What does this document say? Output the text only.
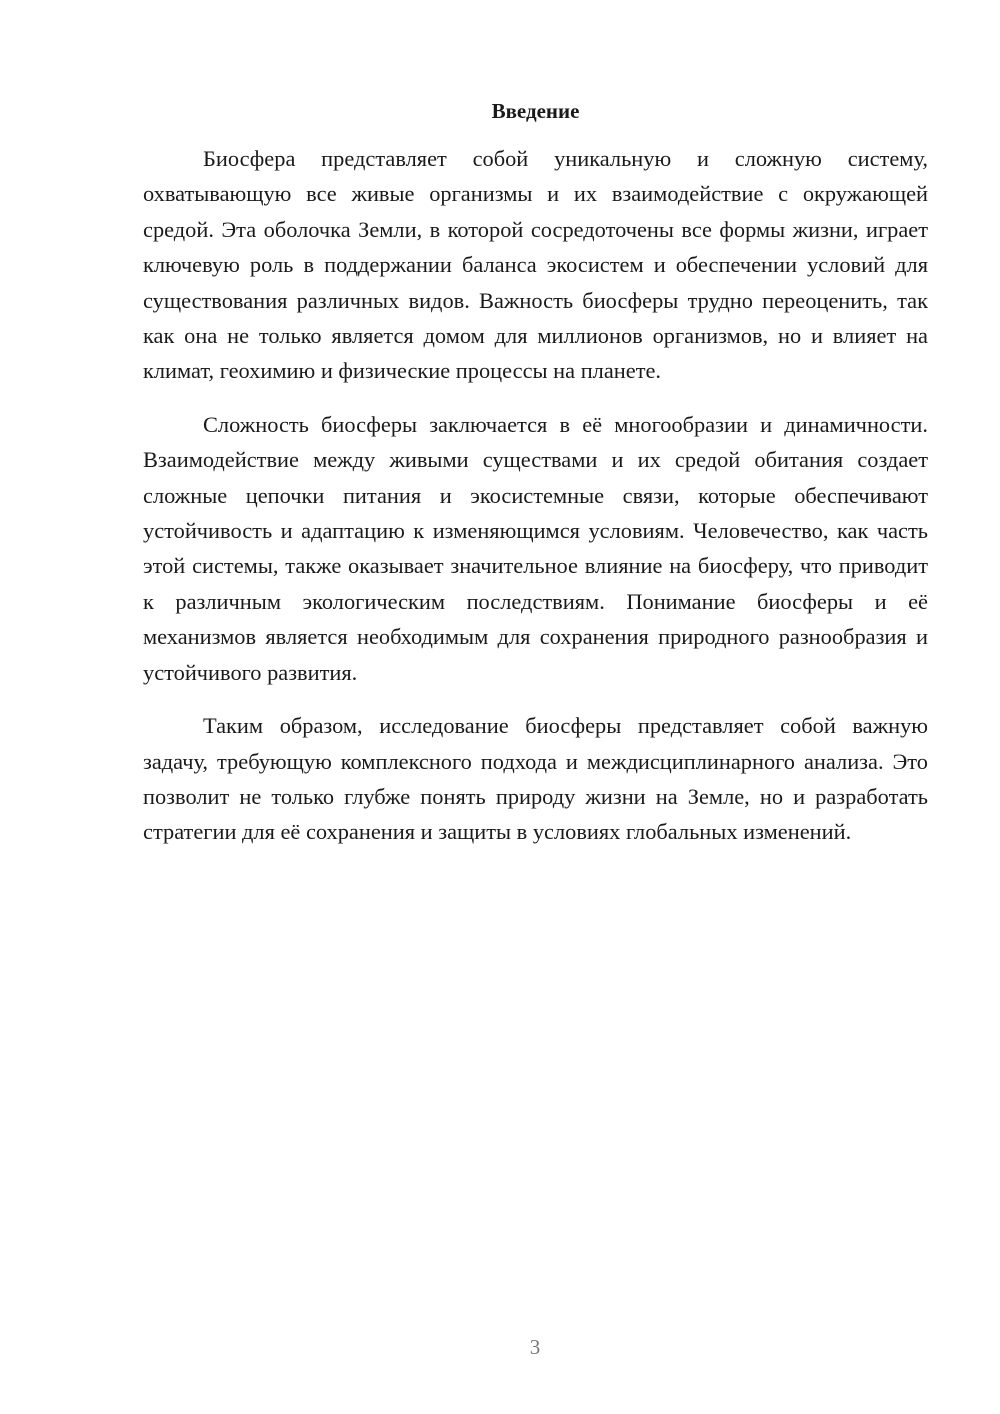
Введение

Биосфера представляет собой уникальную и сложную систему, охватывающую все живые организмы и их взаимодействие с окружающей средой. Эта оболочка Земли, в которой сосредоточены все формы жизни, играет ключевую роль в поддержании баланса экосистем и обеспечении условий для существования различных видов. Важность биосферы трудно переоценить, так как она не только является домом для миллионов организмов, но и влияет на климат, геохимию и физические процессы на планете.

Сложность биосферы заключается в её многообразии и динамичности. Взаимодействие между живыми существами и их средой обитания создает сложные цепочки питания и экосистемные связи, которые обеспечивают устойчивость и адаптацию к изменяющимся условиям. Человечество, как часть этой системы, также оказывает значительное влияние на биосферу, что приводит к различным экологическим последствиям. Понимание биосферы и её механизмов является необходимым для сохранения природного разнообразия и устойчивого развития.

Таким образом, исследование биосферы представляет собой важную задачу, требующую комплексного подхода и междисциплинарного анализа. Это позволит не только глубже понять природу жизни на Земле, но и разработать стратегии для её сохранения и защиты в условиях глобальных изменений.

3
